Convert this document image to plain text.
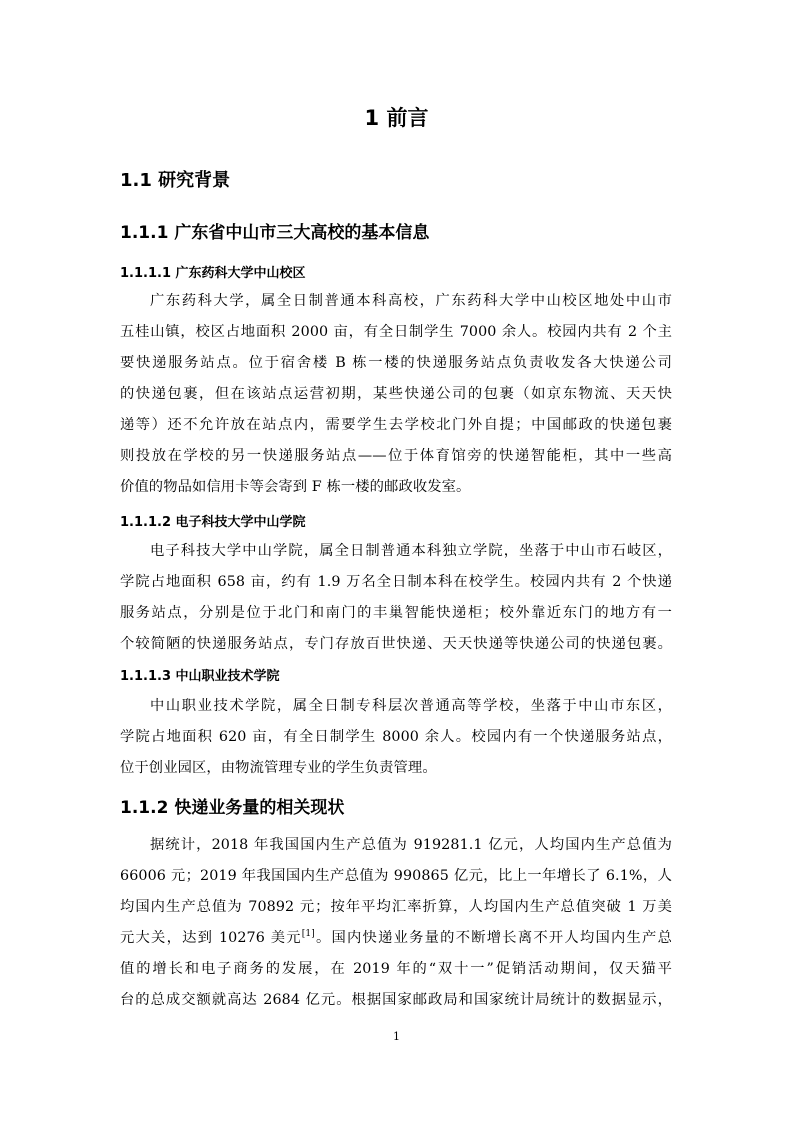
1 前言
1.1 研究背景
1.1.1 广东省中山市三大高校的基本信息
1.1.1.1 广东药科大学中山校区
广东药科大学，属全日制普通本科高校，广东药科大学中山校区地处中山市
五桂山镇，校区占地面积 2000 亩，有全日制学生 7000 余人。校园内共有 2 个主
要快递服务站点。位于宿舍楼 B 栋一楼的快递服务站点负责收发各大快递公司
的快递包裹，但在该站点运营初期，某些快递公司的包裹（如京东物流、天天快
递等）还不允许放在站点内，需要学生去学校北门外自提；中国邮政的快递包裹
则投放在学校的另一快递服务站点——位于体育馆旁的快递智能柜，其中一些高
价值的物品如信用卡等会寄到 F 栋一楼的邮政收发室。
1.1.1.2 电子科技大学中山学院
电子科技大学中山学院，属全日制普通本科独立学院，坐落于中山市石岐区，
学院占地面积 658 亩，约有 1.9 万名全日制本科在校学生。校园内共有 2 个快递
服务站点，分别是位于北门和南门的丰巢智能快递柜；校外靠近东门的地方有一
个较简陋的快递服务站点，专门存放百世快递、天天快递等快递公司的快递包裹。
1.1.1.3 中山职业技术学院
中山职业技术学院，属全日制专科层次普通高等学校，坐落于中山市东区，
学院占地面积 620 亩，有全日制学生 8000 余人。校园内有一个快递服务站点，
位于创业园区，由物流管理专业的学生负责管理。
1.1.2 快递业务量的相关现状
据统计，2018 年我国国内生产总值为 919281.1 亿元，人均国内生产总值为
66006 元；2019 年我国国内生产总值为 990865 亿元，比上一年增长了 6.1%，人
均国内生产总值为 70892 元；按年平均汇率折算，人均国内生产总值突破 1 万美
元大关，达到 10276 美元[1]。国内快递业务量的不断增长离不开人均国内生产总
值的增长和电子商务的发展，在 2019 年的“双十一”促销活动期间，仅天猫平
台的总成交额就高达 2684 亿元。根据国家邮政局和国家统计局统计的数据显示，
1
